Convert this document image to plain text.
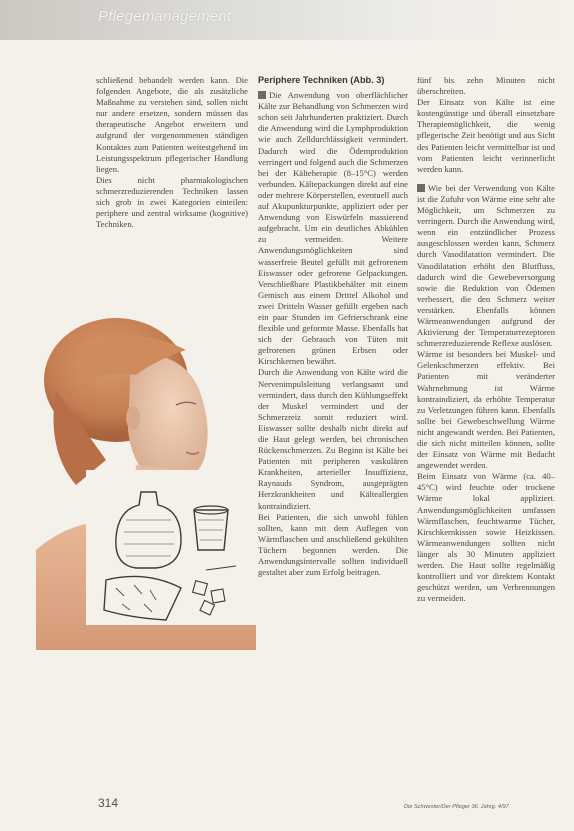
Pflegemanagement

schließend behandelt werden kann. Die folgenden Angebote, die als zusätzliche Maßnahme zu verstehen sind, sollen nicht nur andere ersetzen, sondern müssen das therapeutische Angebot erweitern und aufgrund der vorgenommenen ständigen Kontaktes zum Patienten weitestgehend im Leistungsspektrum pflegerischer Handlung liegen.

Dies nicht pharmakologischen schmerzreduzierenden Techniken lassen sich grob in zwei Kategorien einteilen: periphere und zentral wirksame (kognitive) Techniken.

Periphere Techniken (Abb. 3)

Die Anwendung von oberflächlicher Kälte zur Behandlung von Schmerzen wird schon seit Jahrhunderten praktiziert. Durch die Anwendung wird die Lymphproduktion wie auch Zelldurchlässigkeit vermindert. Dadurch wird die Ödemproduktion verringert und folgend auch die Schmerzen bei der Kälteherapie (8–15°C) werden verbunden. Kältepackungen direkt auf eine oder mehrere Körperstellen, eventuell auch auf Akupunkturpunkte, appliziert oder per Anwendung von Eiswürfeln massierend aufgebracht. Um ein deutliches Abkühlen zu vermeiden. Weitere Anwendungsmöglichkeiten sind wasserfreie Beutel gefüllt mit gefrorenem Eiswasser oder gefrorene Gelpackungen. Verschließbare Plastikbehälter mit einem Gemisch aus einem Drittel Alkohol und zwei Dritteln Wasser gefüllt ergeben nach ein paar Stunden im Gefrierschrank eine flexible und geformte Masse. Ebenfalls hat sich der Gebrauch von Tüten mit gefrorenen grünen Erbsen oder Kirschkernen bewährt.

Durch die Anwendung von Kälte wird die Nervenimpulsleitung verlangsamt und vermindert, dass durch den Kühlungseffekt der Muskel vermindert und der Schmerzreiz somit reduziert wird. Eiswasser sollte deshalb nicht direkt auf die Haut gelegt werden, bei chronischen Rückenschmerzen. Zu Beginn ist Kälte bei Patienten mit peripheren vaskulären Krankheiten, arterieller Insuffizienz, Raynauds Syndrom, ausgeprägten Herzkrankheiten und Kälteallergien kontraindiziert.

Bei Patienten, die sich unwohl fühlen sollten, kann mit dem Auflegen von Wärmflaschen und anschließend gekühlten Tüchern begonnen werden. Die Anwendungsintervalle sollten individuell gestaltet aber zum Erfolg beitragen.

fünf bis zehn Minuten nicht überschreiten.

Der Einsatz von Kälte ist eine kostengünstige und überall einsetzbare Therapiemöglichkeit, die wenig pflegerische Zeit benötigt und aus Sicht des Patienten leicht vermittelbar ist und vom Patienten leicht verinnerlicht werden kann.

Wie bei der Verwendung von Kälte ist die Zufuhr von Wärme eine sehr alte Möglichkeit, um Schmerzen zu verringern. Durch die Anwendung wird, wenn ein entzündlicher Prozess ausgeschlossen werden kann, Schmerz durch Vasodilatation vermindert. Die Vasodilatation erhöht den Blutfluss, dadurch wird die Gewebeversorgung sowie die Reduktion von Ödemen verbessert, die den Schmerz weiter verstärken. Ebenfalls können Wärmeanwendungen aufgrund der Aktivierung der Temperaturrezeptoren schmerzreduzierende Reflexe auslösen.

Wärme ist besonders bei Muskel- und Gelenkschmerzen effektiv. Bei Patienten mit veränderter Wahrnehmung ist Wärme kontraindiziert, da erhöhte Temperatur zu Verletzungen führen kann. Ebenfalls sollte bei Gewebeschwellung Wärme nicht angewandt werden. Bei Patienten, die sich nicht mitteilen können, sollte der Einsatz von Wärme mit Bedacht angewendet werden.

Beim Einsatz von Wärme (ca. 40–45°C) wird feuchte oder trockene Wärme lokal appliziert. Anwendungsmöglichkeiten umfassen Wärmflaschen, feuchtwarme Tücher, Kirschkernkissen sowie Heizkissen. Wärmeanwendungen sollten nicht länger als 30 Minuten appliziert werden. Die Haut sollte regelmäßig kontrolliert und vor direktem Kontakt geschützt werden, um Verbrennungen zu vermeiden.

314	Die Schwester/Der Pfleger 36. Jahrg. 4/97
